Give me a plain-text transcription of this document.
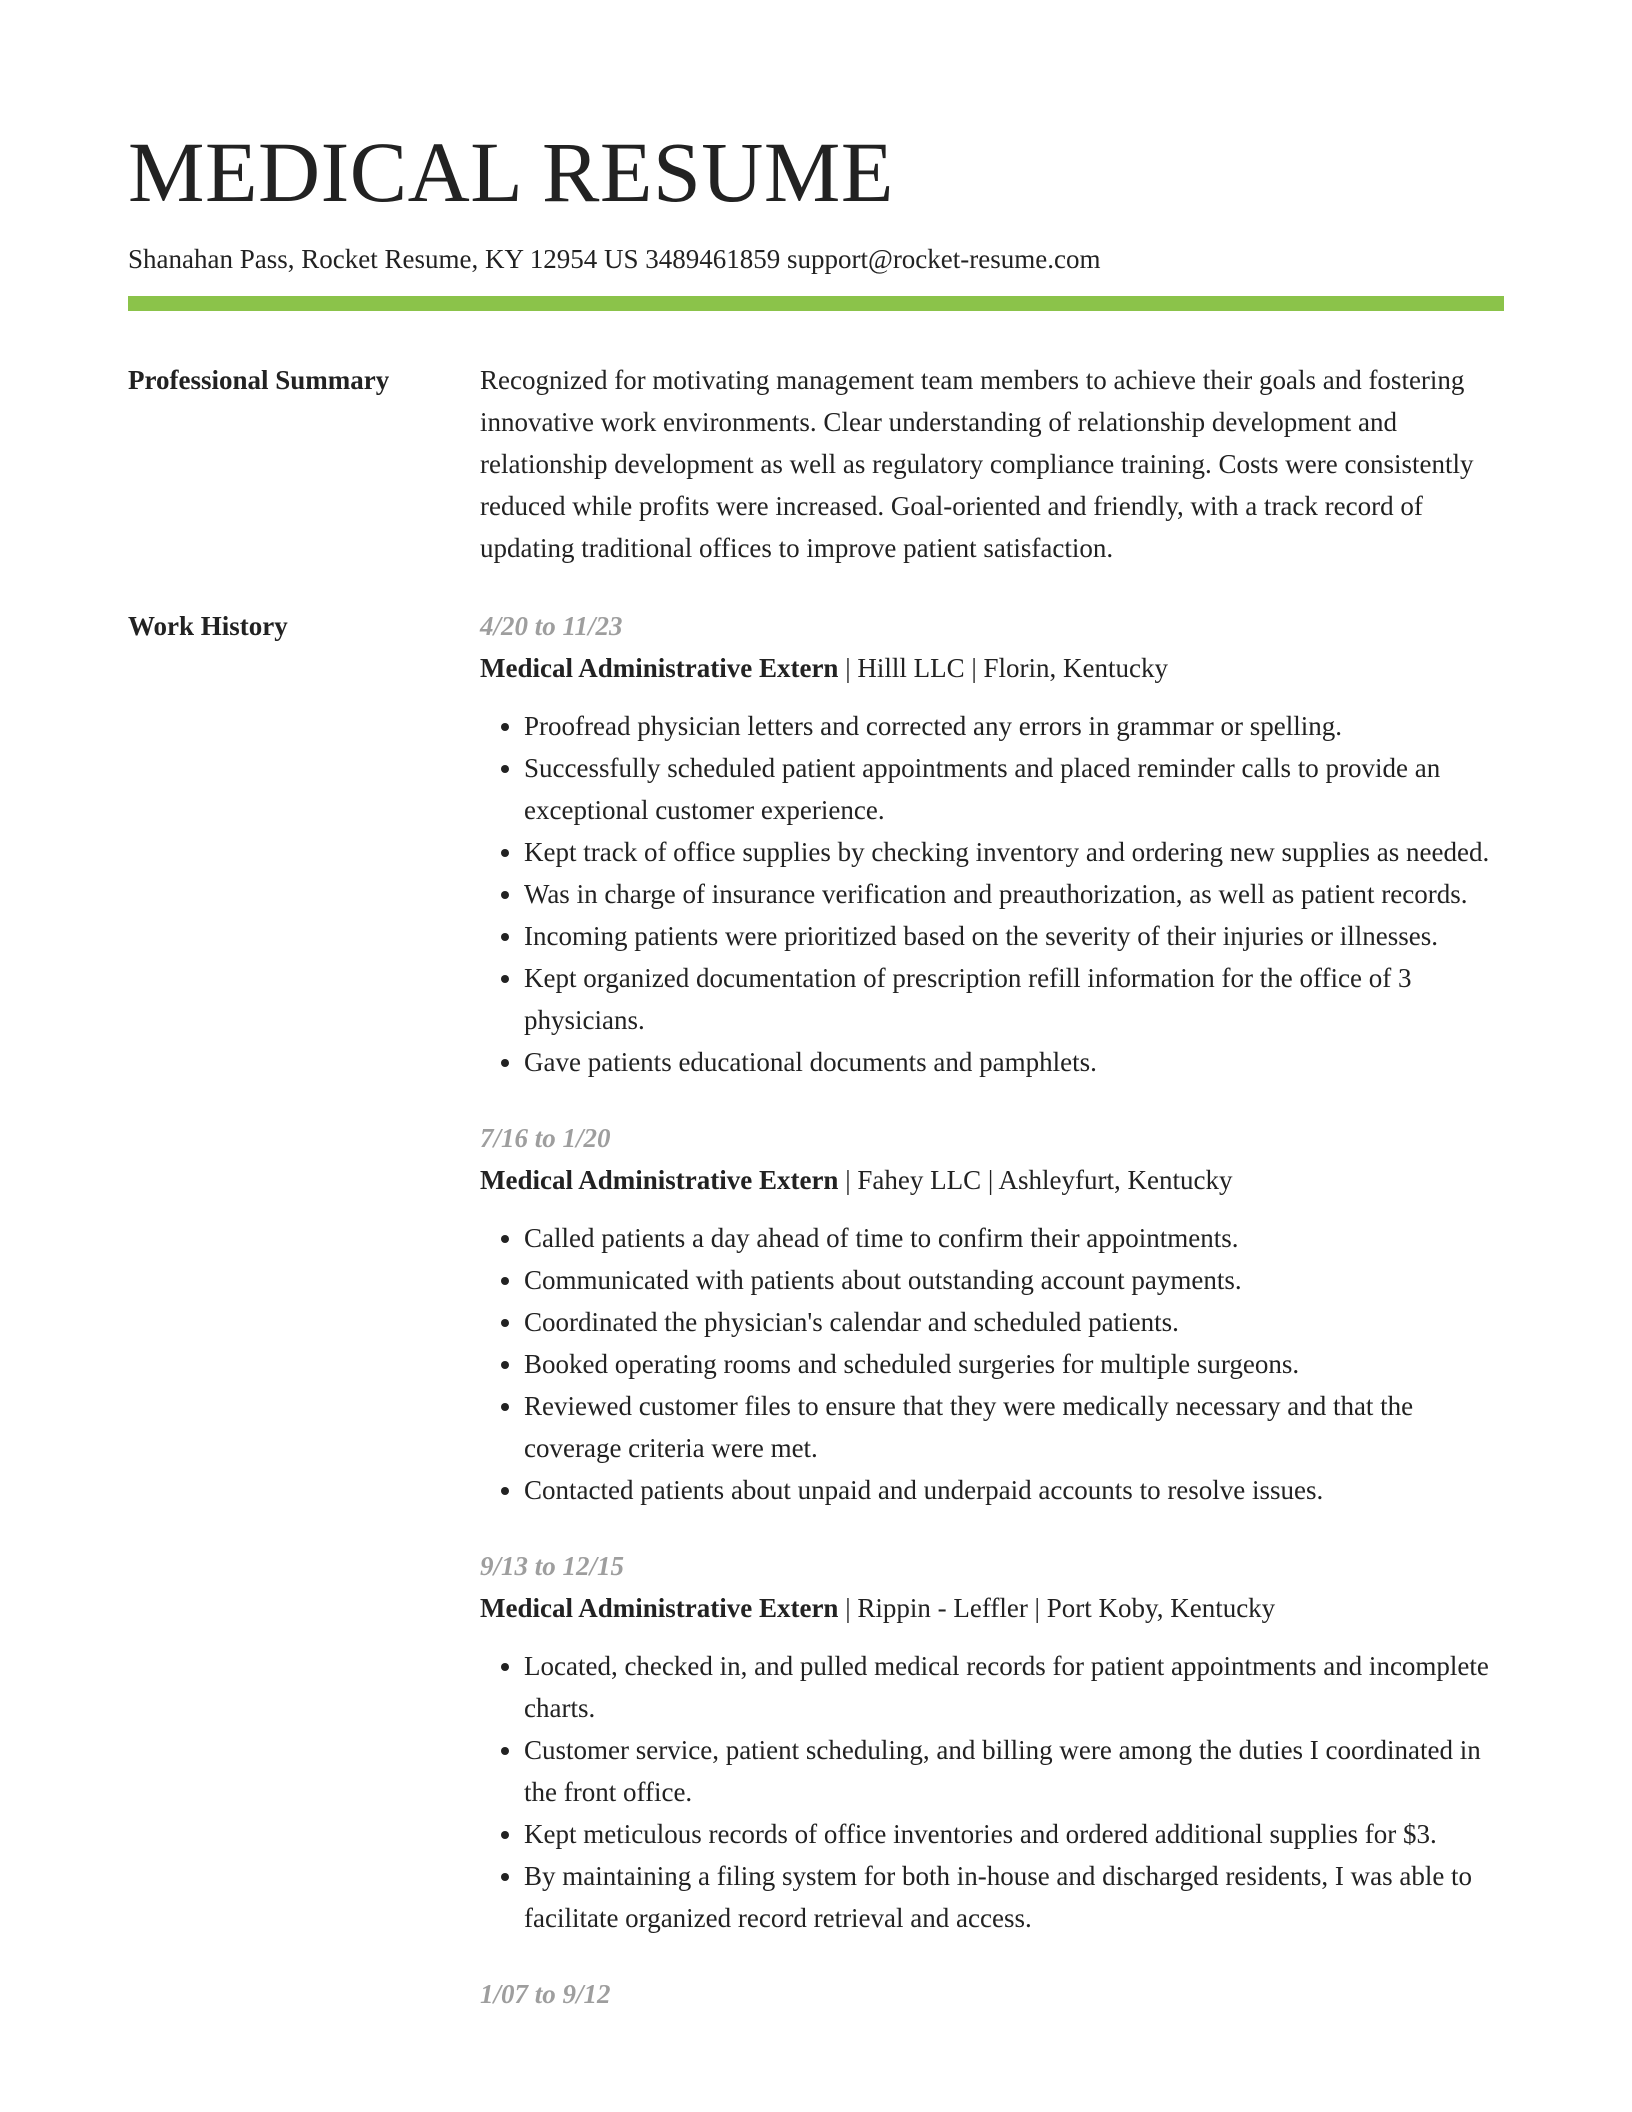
MEDICAL RESUME
Shanahan Pass, Rocket Resume, KY 12954 US 3489461859 support@rocket-resume.com
Professional Summary	Recognized for motivating management team members to achieve their goals and fostering innovative work environments. Clear understanding of relationship development and relationship development as well as regulatory compliance training. Costs were consistently reduced while profits were increased. Goal-oriented and friendly, with a track record of updating traditional offices to improve patient satisfaction.

Work History	4/20 to 11/23
Medical Administrative Extern | Hilll LLC | Florin, Kentucky
• Proofread physician letters and corrected any errors in grammar or spelling.
• Successfully scheduled patient appointments and placed reminder calls to provide an exceptional customer experience.
• Kept track of office supplies by checking inventory and ordering new supplies as needed.
• Was in charge of insurance verification and preauthorization, as well as patient records.
• Incoming patients were prioritized based on the severity of their injuries or illnesses.
• Kept organized documentation of prescription refill information for the office of 3 physicians.
• Gave patients educational documents and pamphlets.
7/16 to 1/20
Medical Administrative Extern | Fahey LLC | Ashleyfurt, Kentucky
• Called patients a day ahead of time to confirm their appointments.
• Communicated with patients about outstanding account payments.
• Coordinated the physician's calendar and scheduled patients.
• Booked operating rooms and scheduled surgeries for multiple surgeons.
• Reviewed customer files to ensure that they were medically necessary and that the coverage criteria were met.
• Contacted patients about unpaid and underpaid accounts to resolve issues.
9/13 to 12/15
Medical Administrative Extern | Rippin - Leffler | Port Koby, Kentucky
• Located, checked in, and pulled medical records for patient appointments and incomplete charts.
• Customer service, patient scheduling, and billing were among the duties I coordinated in the front office.
• Kept meticulous records of office inventories and ordered additional supplies for $3.
• By maintaining a filing system for both in-house and discharged residents, I was able to facilitate organized record retrieval and access.
1/07 to 9/12
